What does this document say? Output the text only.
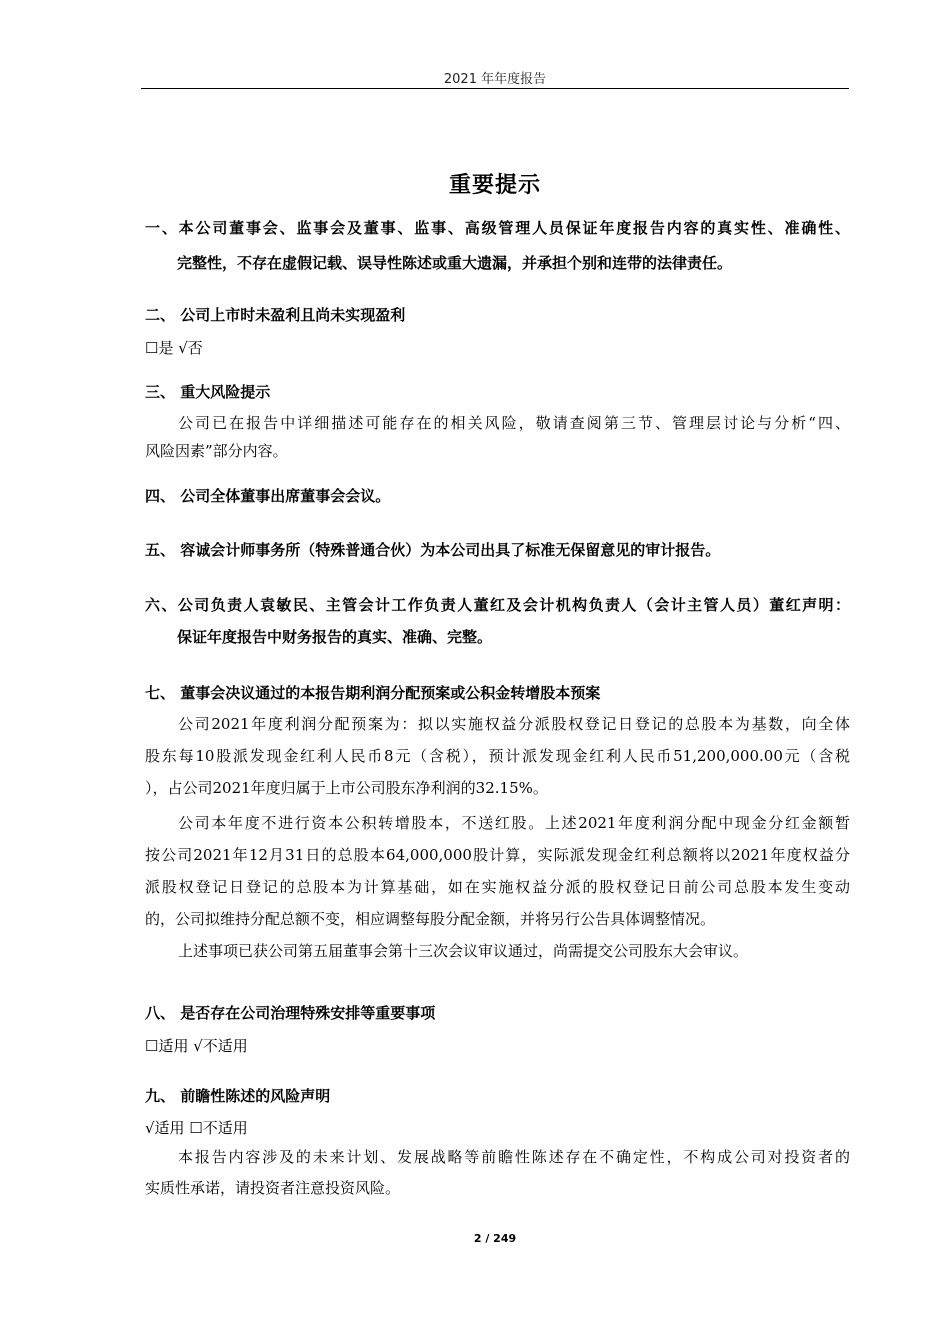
2021 年年度报告
重要提示
一、本公司董事会、监事会及董事、监事、高级管理人员保证年度报告内容的真实性、准确性、
完整性，不存在虚假记载、误导性陈述或重大遗漏，并承担个别和连带的法律责任。
二、 公司上市时未盈利且尚未实现盈利
☐是 √否
三、 重大风险提示
公司已在报告中详细描述可能存在的相关风险，敬请查阅第三节、管理层讨论与分析“四、
风险因素”部分内容。
四、 公司全体董事出席董事会会议。
五、 容诚会计师事务所（特殊普通合伙）为本公司出具了标准无保留意见的审计报告。
六、公司负责人袁敏民、主管会计工作负责人董红及会计机构负责人（会计主管人员）董红声明：
保证年度报告中财务报告的真实、准确、完整。
七、 董事会决议通过的本报告期利润分配预案或公积金转增股本预案
公司2021年度利润分配预案为：拟以实施权益分派股权登记日登记的总股本为基数，向全体
股东每10股派发现金红利人民币8元（含税），预计派发现金红利人民币51,200,000.00元（含税
），占公司2021年度归属于上市公司股东净利润的32.15%。
公司本年度不进行资本公积转增股本，不送红股。上述2021年度利润分配中现金分红金额暂
按公司2021年12月31日的总股本64,000,000股计算，实际派发现金红利总额将以2021年度权益分
派股权登记日登记的总股本为计算基础，如在实施权益分派的股权登记日前公司总股本发生变动
的，公司拟维持分配总额不变，相应调整每股分配金额，并将另行公告具体调整情况。
上述事项已获公司第五届董事会第十三次会议审议通过，尚需提交公司股东大会审议。
八、 是否存在公司治理特殊安排等重要事项
☐适用 √不适用
九、 前瞻性陈述的风险声明
√适用 ☐不适用
本报告内容涉及的未来计划、发展战略等前瞻性陈述存在不确定性，不构成公司对投资者的
实质性承诺，请投资者注意投资风险。
2 / 249
